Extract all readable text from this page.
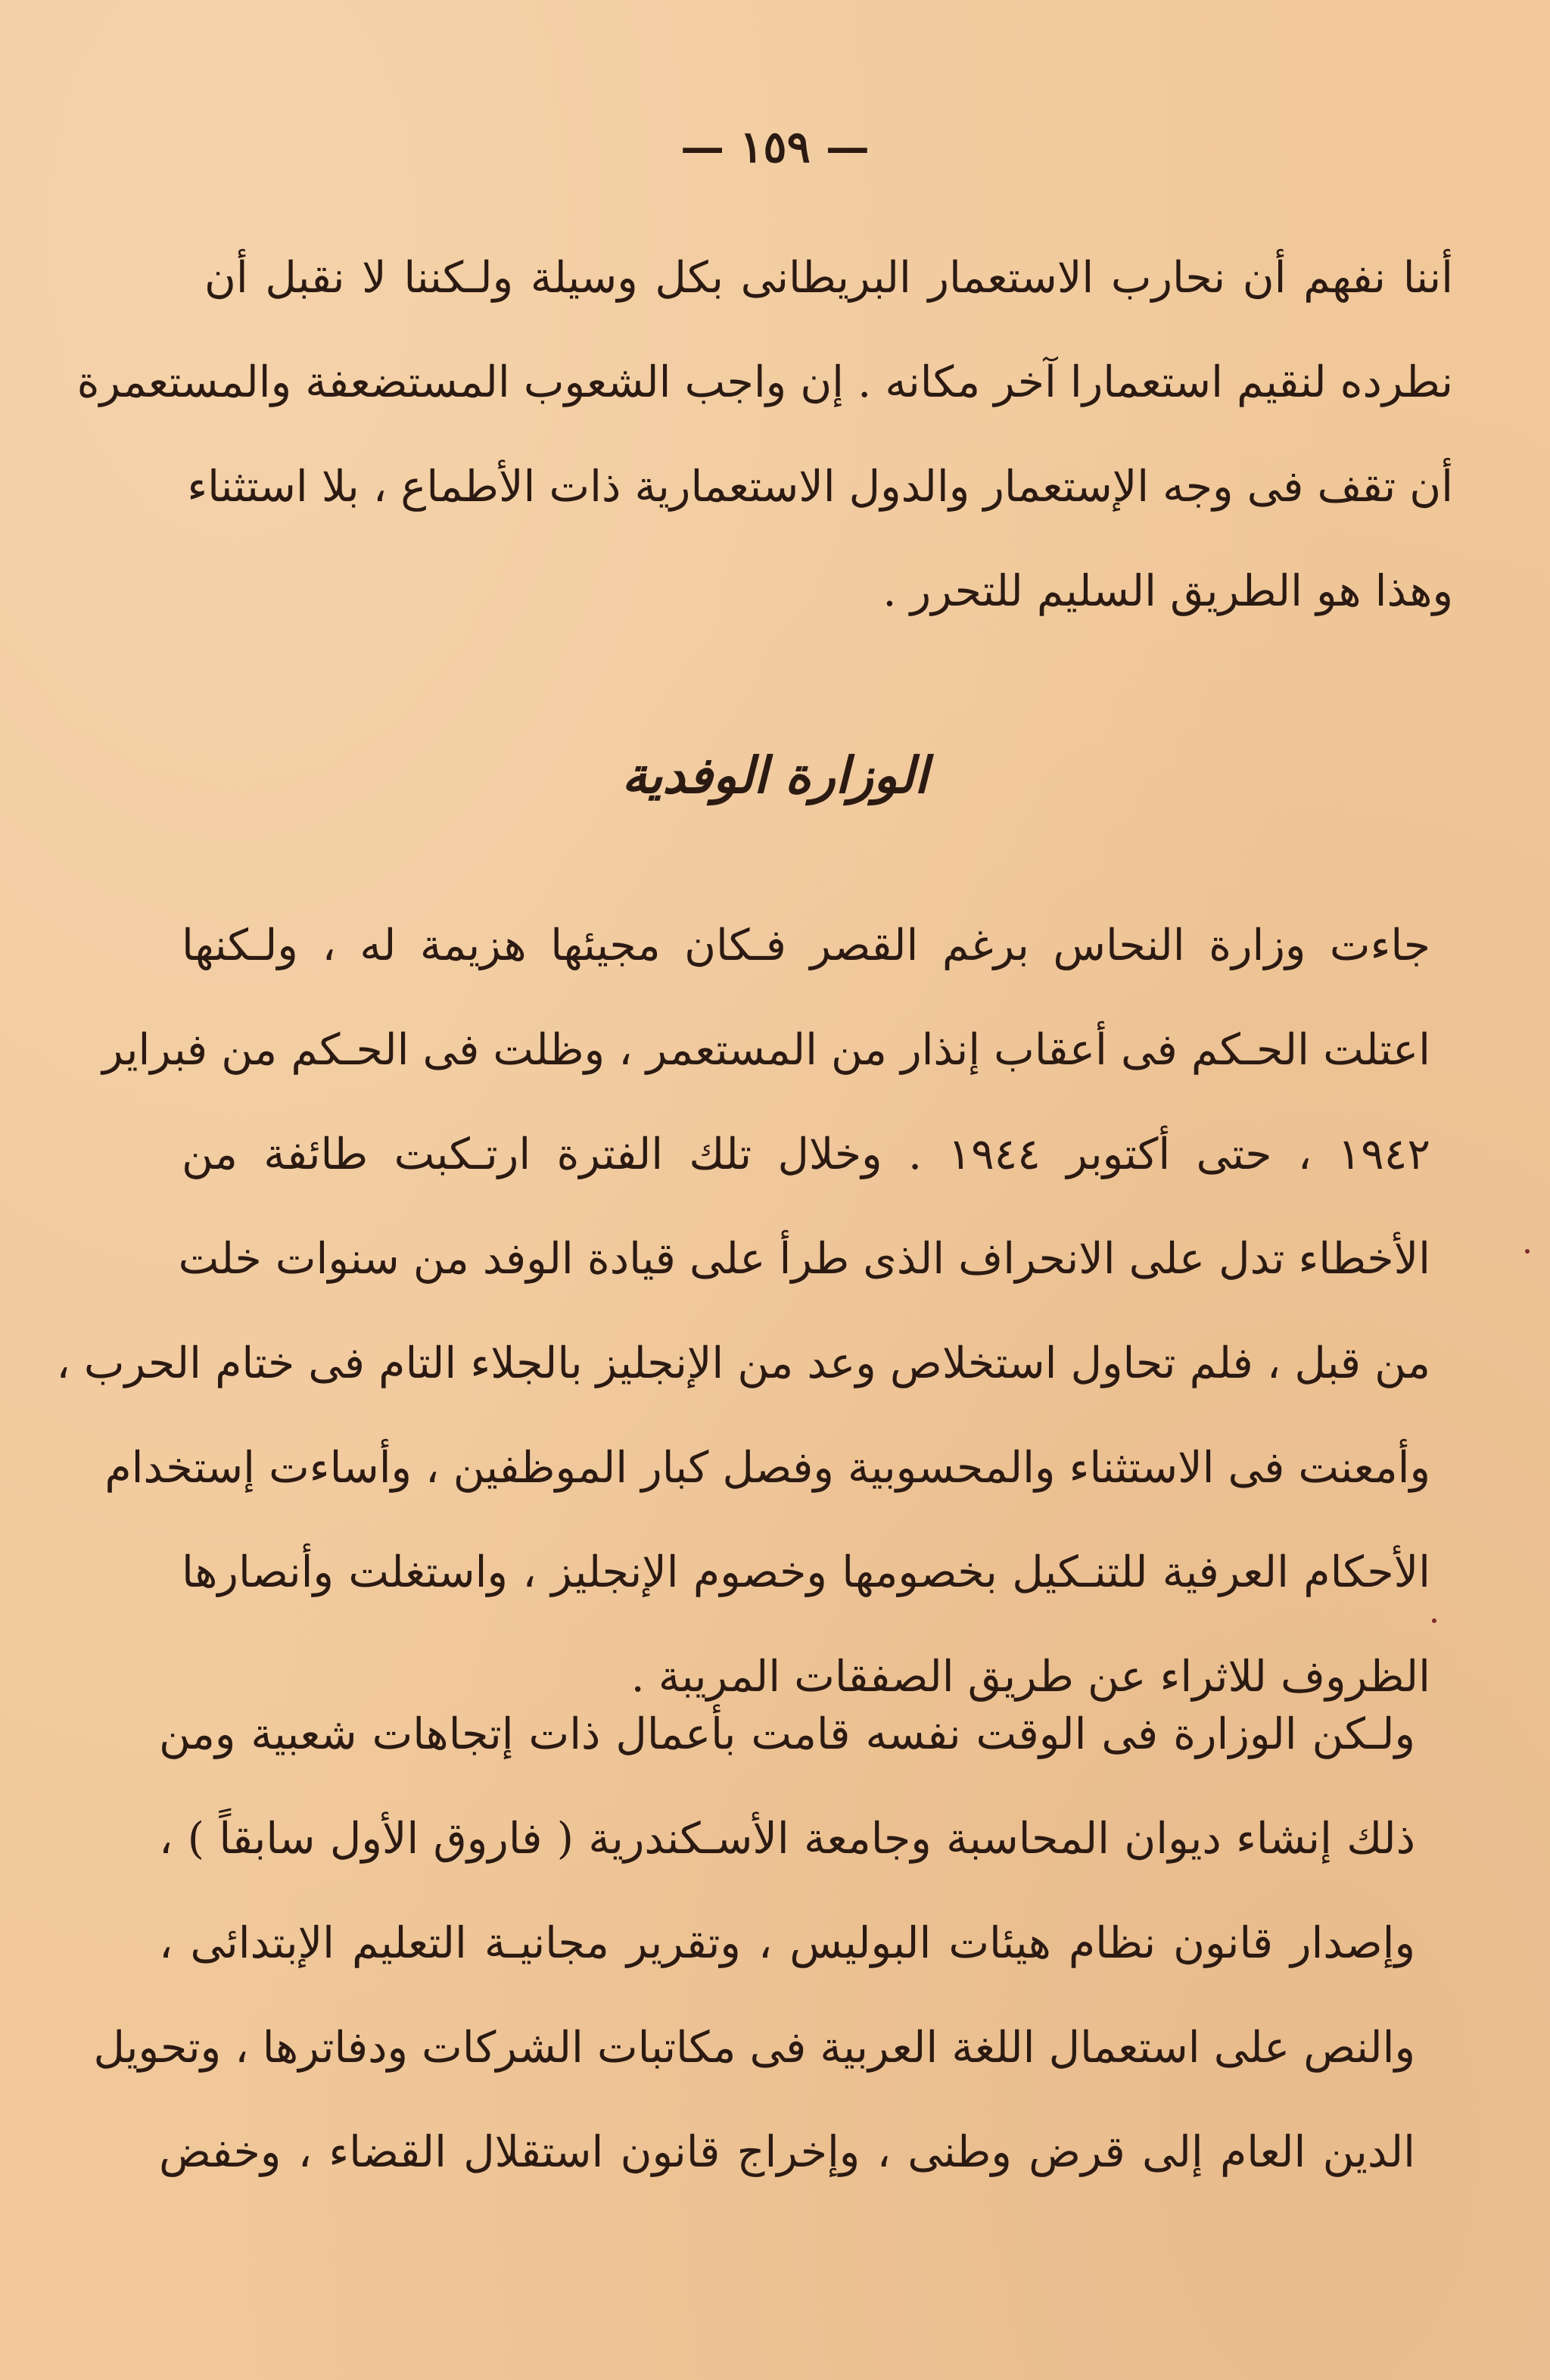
— ١٥٩ —
أننا نفهم أن نحارب الاستعمار البريطانى بكل وسيلة ولـكننا لا نقبل أن
نطرده لنقيم استعمارا آخر مكانه . إن واجب الشعوب المستضعفة والمستعمرة
أن تقف فى وجه الإستعمار والدول الاستعمارية ذات الأطماع ، بلا استثناء
وهذا هو الطريق السليم للتحرر .
الوزارة الوفدية
جاءت وزارة النحاس برغم القصر فـكان مجيئها هزيمة له ، ولـكنها
اعتلت الحـكم فى أعقاب إنذار من المستعمر ، وظلت فى الحـكم من فبراير
١٩٤٢ ، حتى أكتوبر ١٩٤٤ . وخلال تلك الفترة ارتـكبت طائفة من
الأخطاء تدل على الانحراف الذى طرأ على قيادة الوفد من سنوات خلت
من قبل ، فلم تحاول استخلاص وعد من الإنجليز بالجلاء التام فى ختام الحرب ،
وأمعنت فى الاستثناء والمحسوبية وفصل كبار الموظفين ، وأساءت إستخدام
الأحكام العرفية للتنـكيل بخصومها وخصوم الإنجليز ، واستغلت وأنصارها
الظروف للاثراء عن طريق الصفقات المريبة .
ولـكن الوزارة فى الوقت نفسه قامت بأعمال ذات إتجاهات شعبية ومن
ذلك إنشاء ديوان المحاسبة وجامعة الأسـكندرية ( فاروق الأول سابقاً ) ،
وإصدار قانون نظام هيئات البوليس ، وتقرير مجانيـة التعليم الإبتدائى ،
والنص على استعمال اللغة العربية فى مكاتبات الشركات ودفاترها ، وتحويل
الدين العام إلى قرض وطنى ، وإخراج قانون استقلال القضاء ، وخفض
